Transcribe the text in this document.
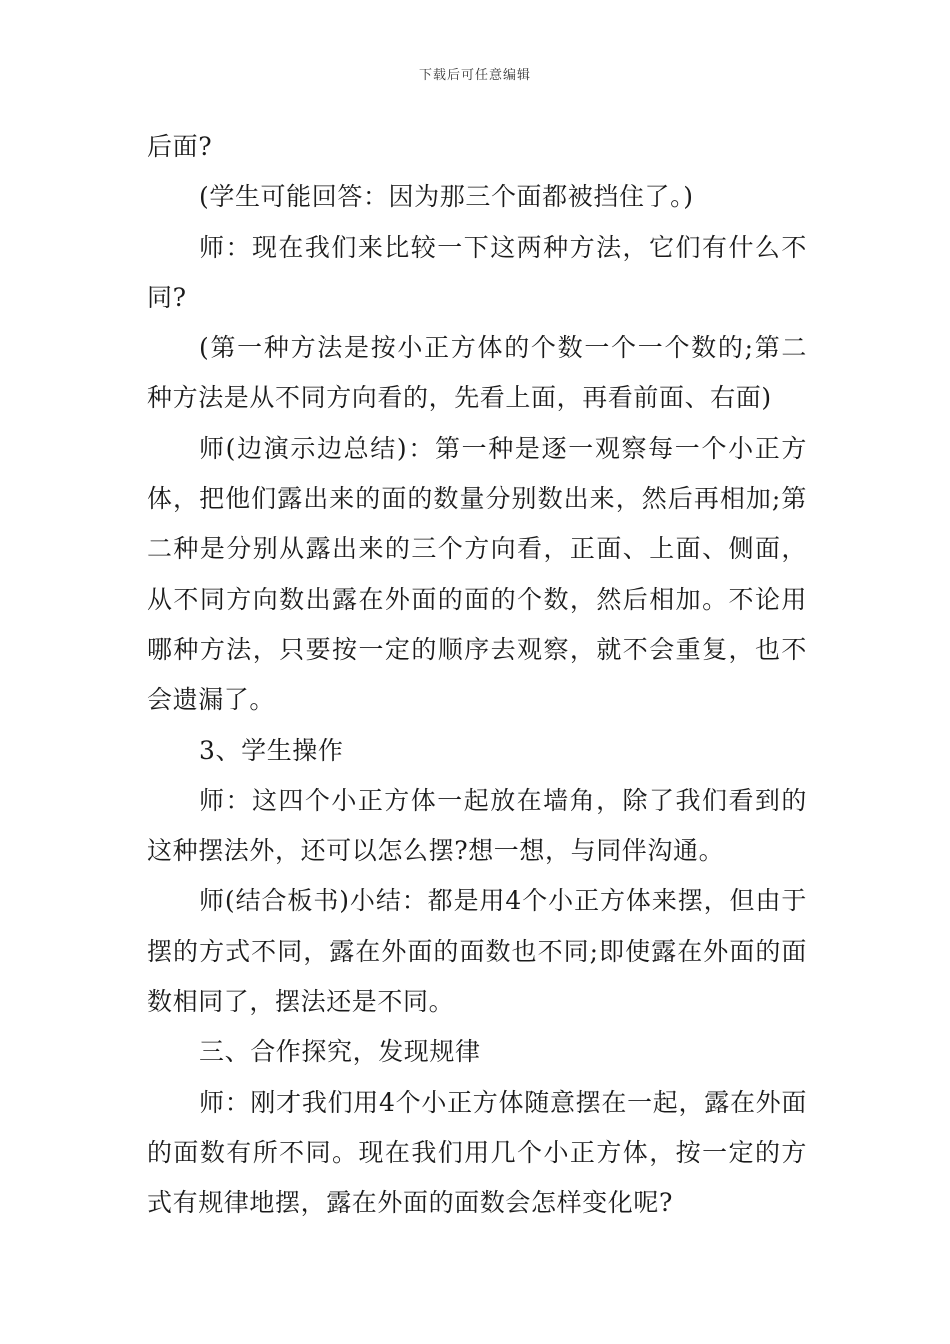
下载后可任意编辑

后面?

(学生可能回答：因为那三个面都被挡住了。)

师：现在我们来比较一下这两种方法，它们有什么不同?

(第一种方法是按小正方体的个数一个一个数的;第二种方法是从不同方向看的，先看上面，再看前面、右面)

师(边演示边总结)：第一种是逐一观察每一个小正方体，把他们露出来的面的数量分别数出来，然后再相加;第二种是分别从露出来的三个方向看，正面、上面、侧面，从不同方向数出露在外面的面的个数，然后相加。不论用哪种方法，只要按一定的顺序去观察，就不会重复，也不会遗漏了。

3、学生操作

师：这四个小正方体一起放在墙角，除了我们看到的这种摆法外，还可以怎么摆?想一想，与同伴沟通。

师(结合板书)小结：都是用4个小正方体来摆，但由于摆的方式不同，露在外面的面数也不同;即使露在外面的面数相同了，摆法还是不同。

三、合作探究，发现规律

师：刚才我们用4个小正方体随意摆在一起，露在外面的面数有所不同。现在我们用几个小正方体，按一定的方式有规律地摆，露在外面的面数会怎样变化呢?
